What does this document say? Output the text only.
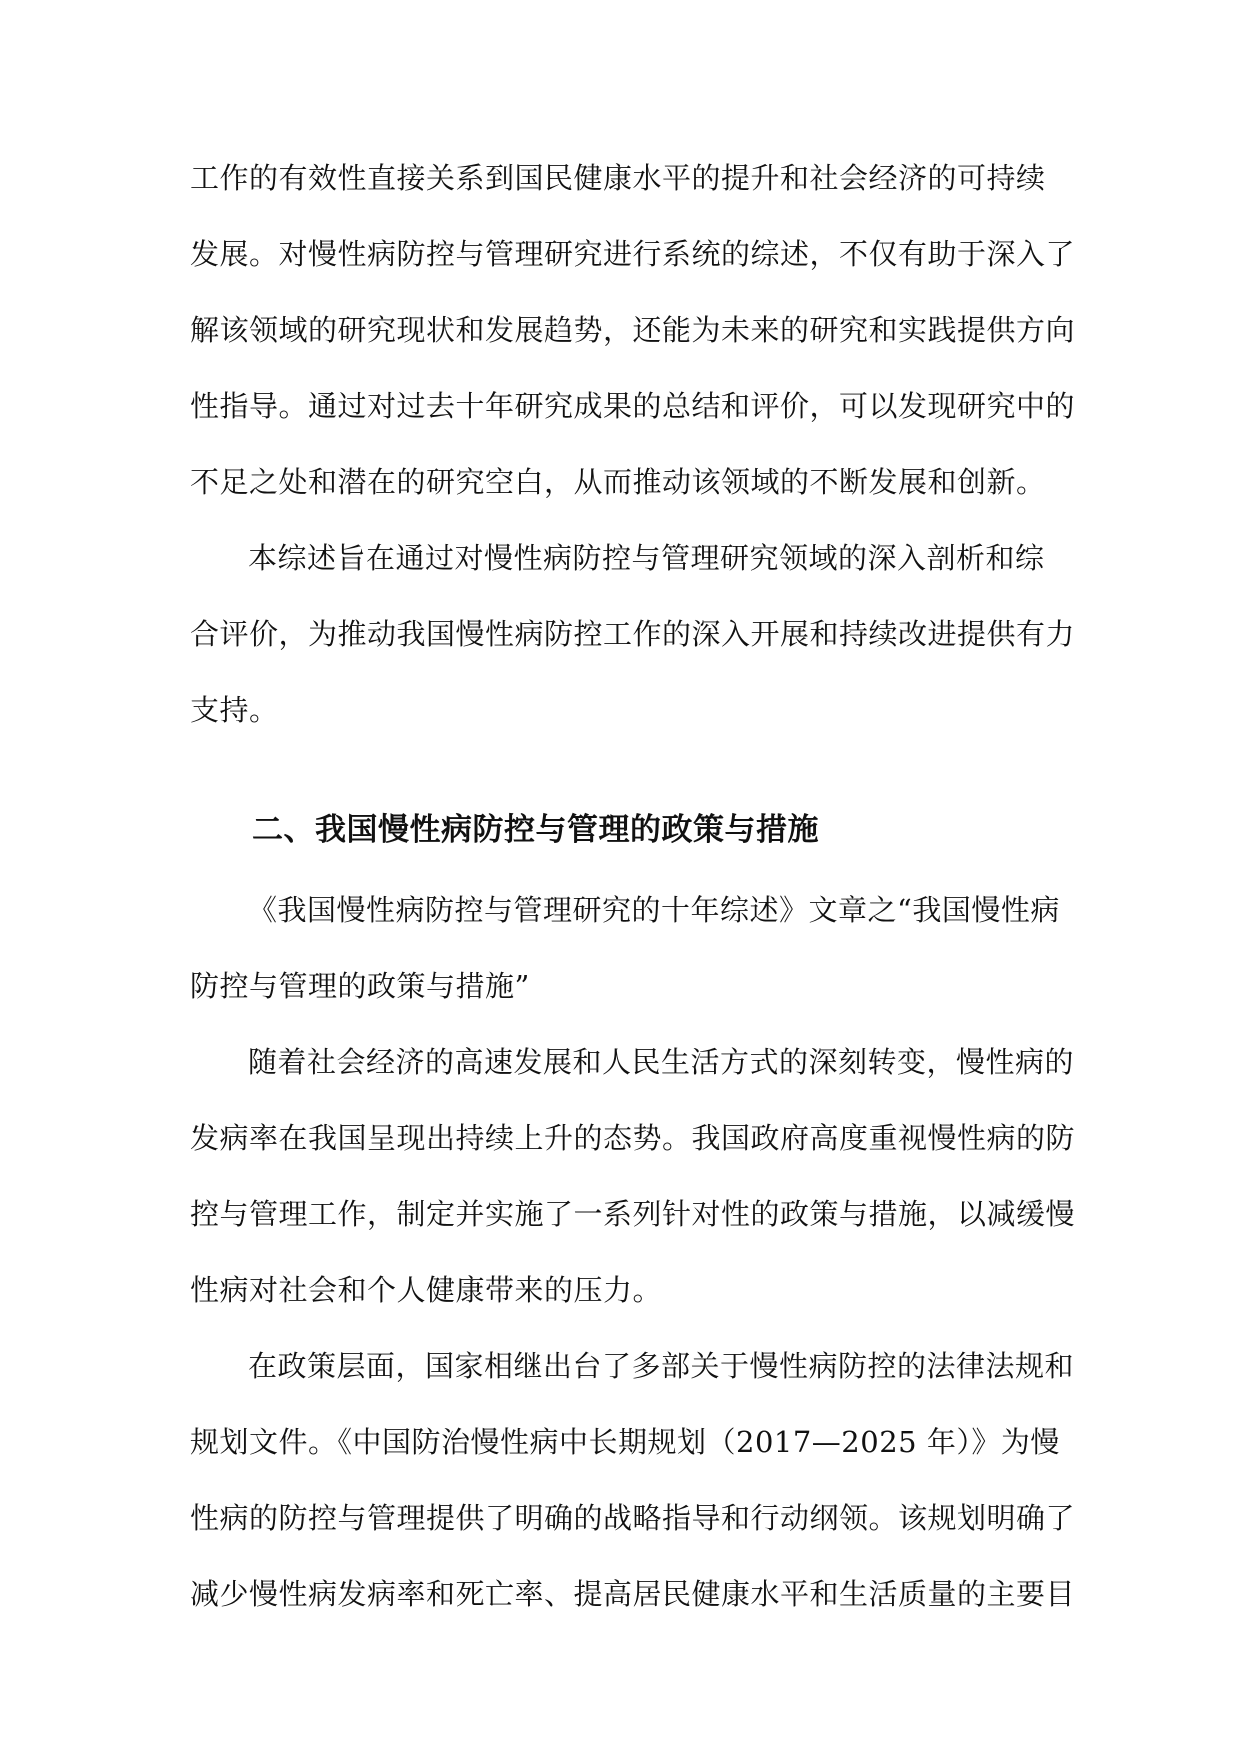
工作的有效性直接关系到国民健康水平的提升和社会经济的可持续
发展。对慢性病防控与管理研究进行系统的综述，不仅有助于深入了
解该领域的研究现状和发展趋势，还能为未来的研究和实践提供方向
性指导。通过对过去十年研究成果的总结和评价，可以发现研究中的
不足之处和潜在的研究空白，从而推动该领域的不断发展和创新。
本综述旨在通过对慢性病防控与管理研究领域的深入剖析和综
合评价，为推动我国慢性病防控工作的深入开展和持续改进提供有力
支持。
二、我国慢性病防控与管理的政策与措施
《我国慢性病防控与管理研究的十年综述》文章之“我国慢性病
防控与管理的政策与措施”
随着社会经济的高速发展和人民生活方式的深刻转变，慢性病的
发病率在我国呈现出持续上升的态势。我国政府高度重视慢性病的防
控与管理工作，制定并实施了一系列针对性的政策与措施，以减缓慢
性病对社会和个人健康带来的压力。
在政策层面，国家相继出台了多部关于慢性病防控的法律法规和
规划文件。《中国防治慢性病中长期规划（2017—2025 年）》为慢
性病的防控与管理提供了明确的战略指导和行动纲领。该规划明确了
减少慢性病发病率和死亡率、提高居民健康水平和生活质量的主要目
